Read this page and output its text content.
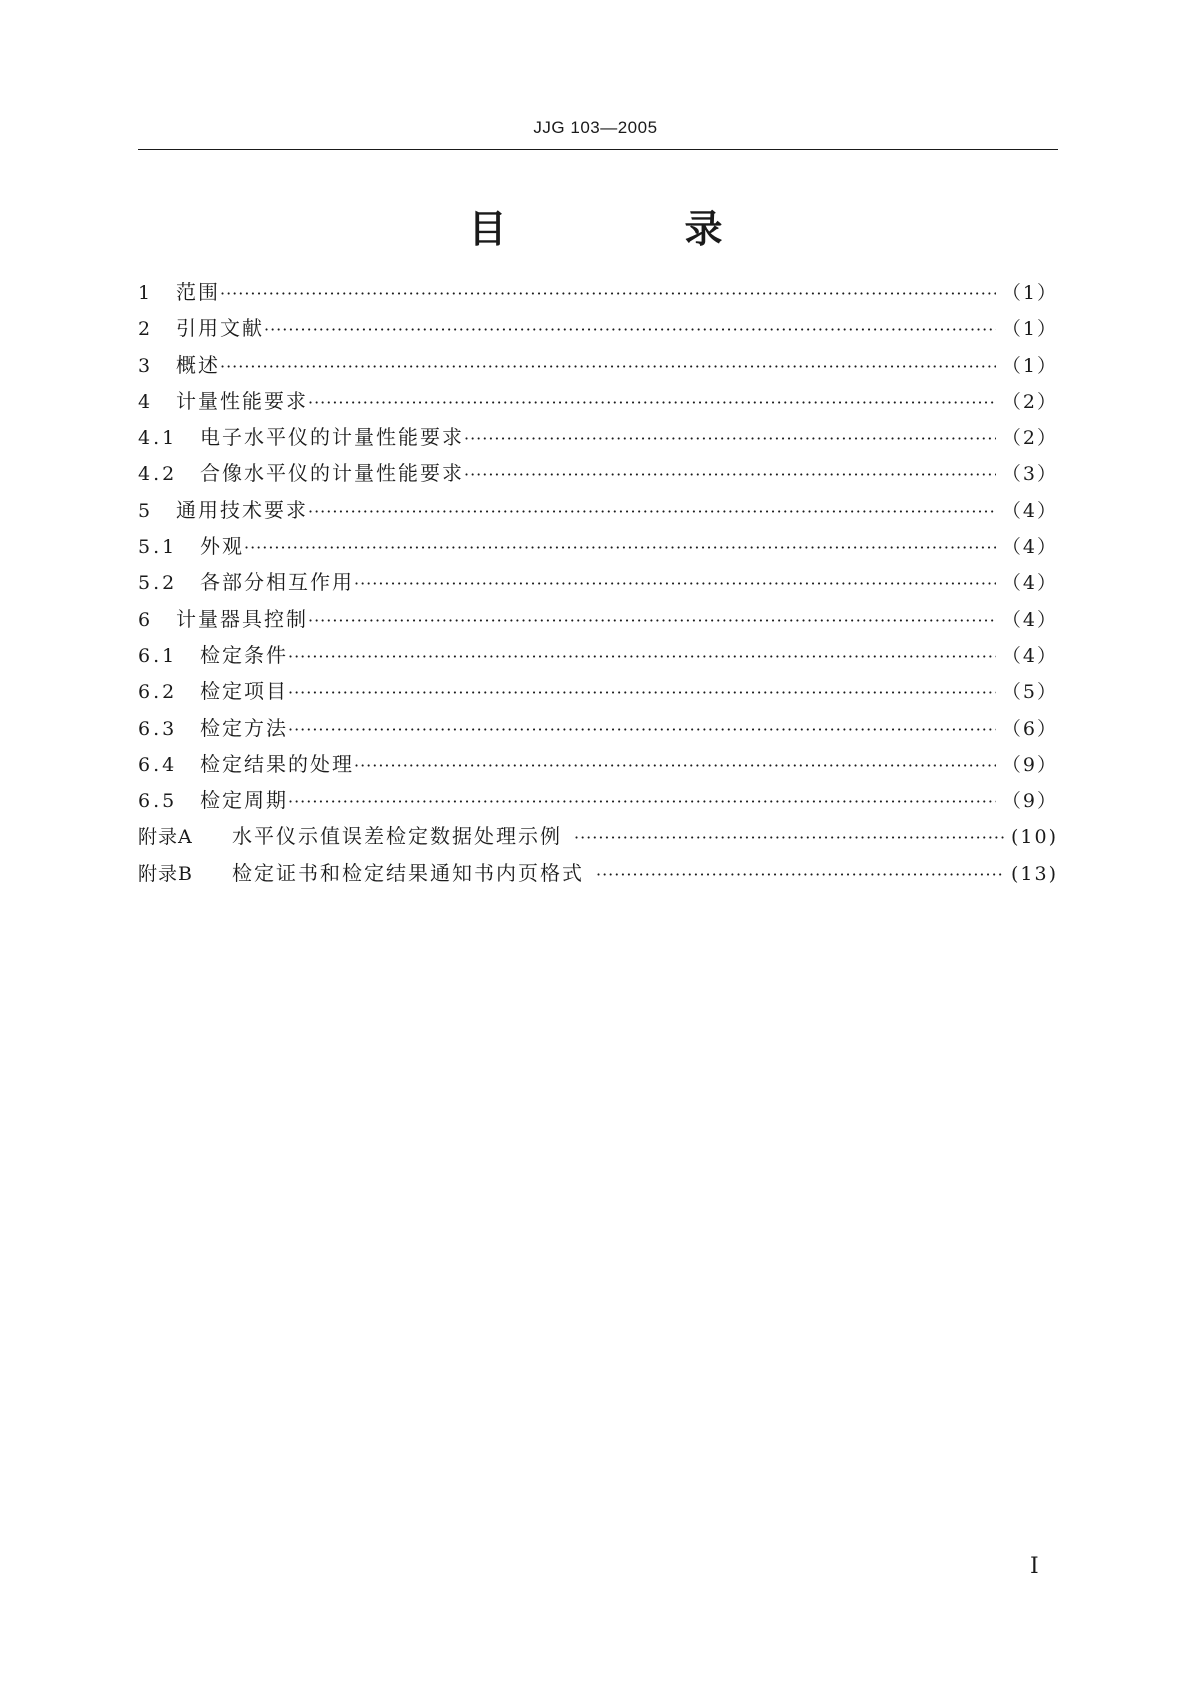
JJG 103—2005
目　录
1	范围 ·····	（1）
2	引用文献 ·····	（1）
3	概述 ·····	（1）
4	计量性能要求 ·····	（2）
4.1	电子水平仪的计量性能要求 ·····	（2）
4.2	合像水平仪的计量性能要求 ·····	（3）
5	通用技术要求 ·····	（4）
5.1	外观 ·····	（4）
5.2	各部分相互作用 ·····	（4）
6	计量器具控制 ·····	（4）
6.1	检定条件 ·····	（4）
6.2	检定项目 ·····	（5）
6.3	检定方法 ·····	（6）
6.4	检定结果的处理 ·····	（9）
6.5	检定周期 ·····	（9）
附录A	水平仪示值误差检定数据处理示例 ·····	(10)
附录B	检定证书和检定结果通知书内页格式 ·····	(13)
I
